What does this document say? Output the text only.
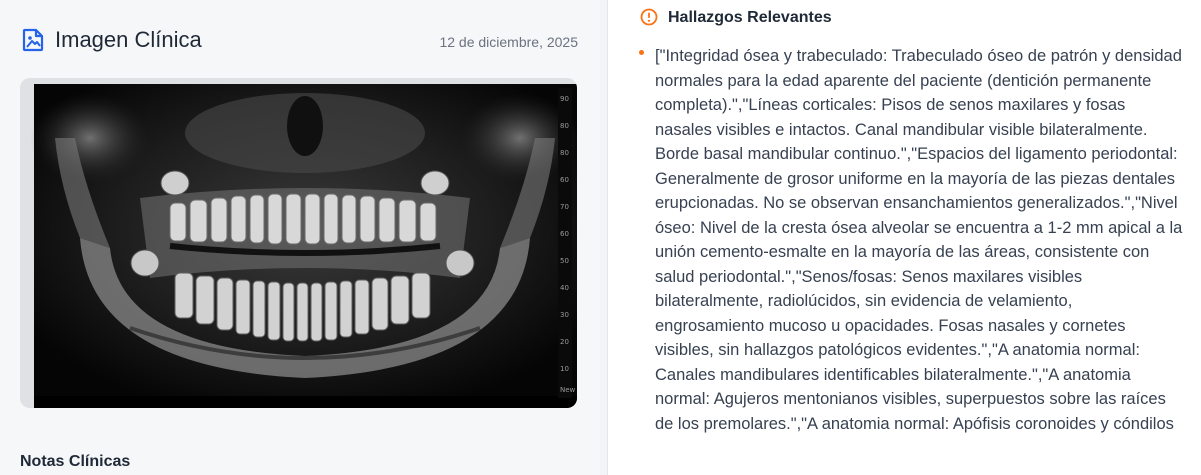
Imagen Clínica	12 de diciembre, 2025
90
80
80
60
70
60
50
40
30
20
10
New
Notas Clínicas
Hallazgos Relevantes
["Integridad ósea y trabeculado: Trabeculado óseo de patrón y densidad normales para la edad aparente del paciente (dentición permanente completa).","Líneas corticales: Pisos de senos maxilares y fosas nasales visibles e intactos. Canal mandibular visible bilateralmente. Borde basal mandibular continuo.","Espacios del ligamento periodontal: Generalmente de grosor uniforme en la mayoría de las piezas dentales erupcionadas. No se observan ensanchamientos generalizados.","Nivel óseo: Nivel de la cresta ósea alveolar se encuentra a 1-2 mm apical a la unión cemento-esmalte en la mayoría de las áreas, consistente con salud periodontal.","Senos/fosas: Senos maxilares visibles bilateralmente, radiolúcidos, sin evidencia de velamiento, engrosamiento mucoso u opacidades. Fosas nasales y cornetes visibles, sin hallazgos patológicos evidentes.","A anatomia normal: Canales mandibulares identificables bilateralmente.","A anatomia normal: Agujeros mentonianos visibles, superpuestos sobre las raíces de los premolares.","A anatomia normal: Apófisis coronoides y cóndilos
